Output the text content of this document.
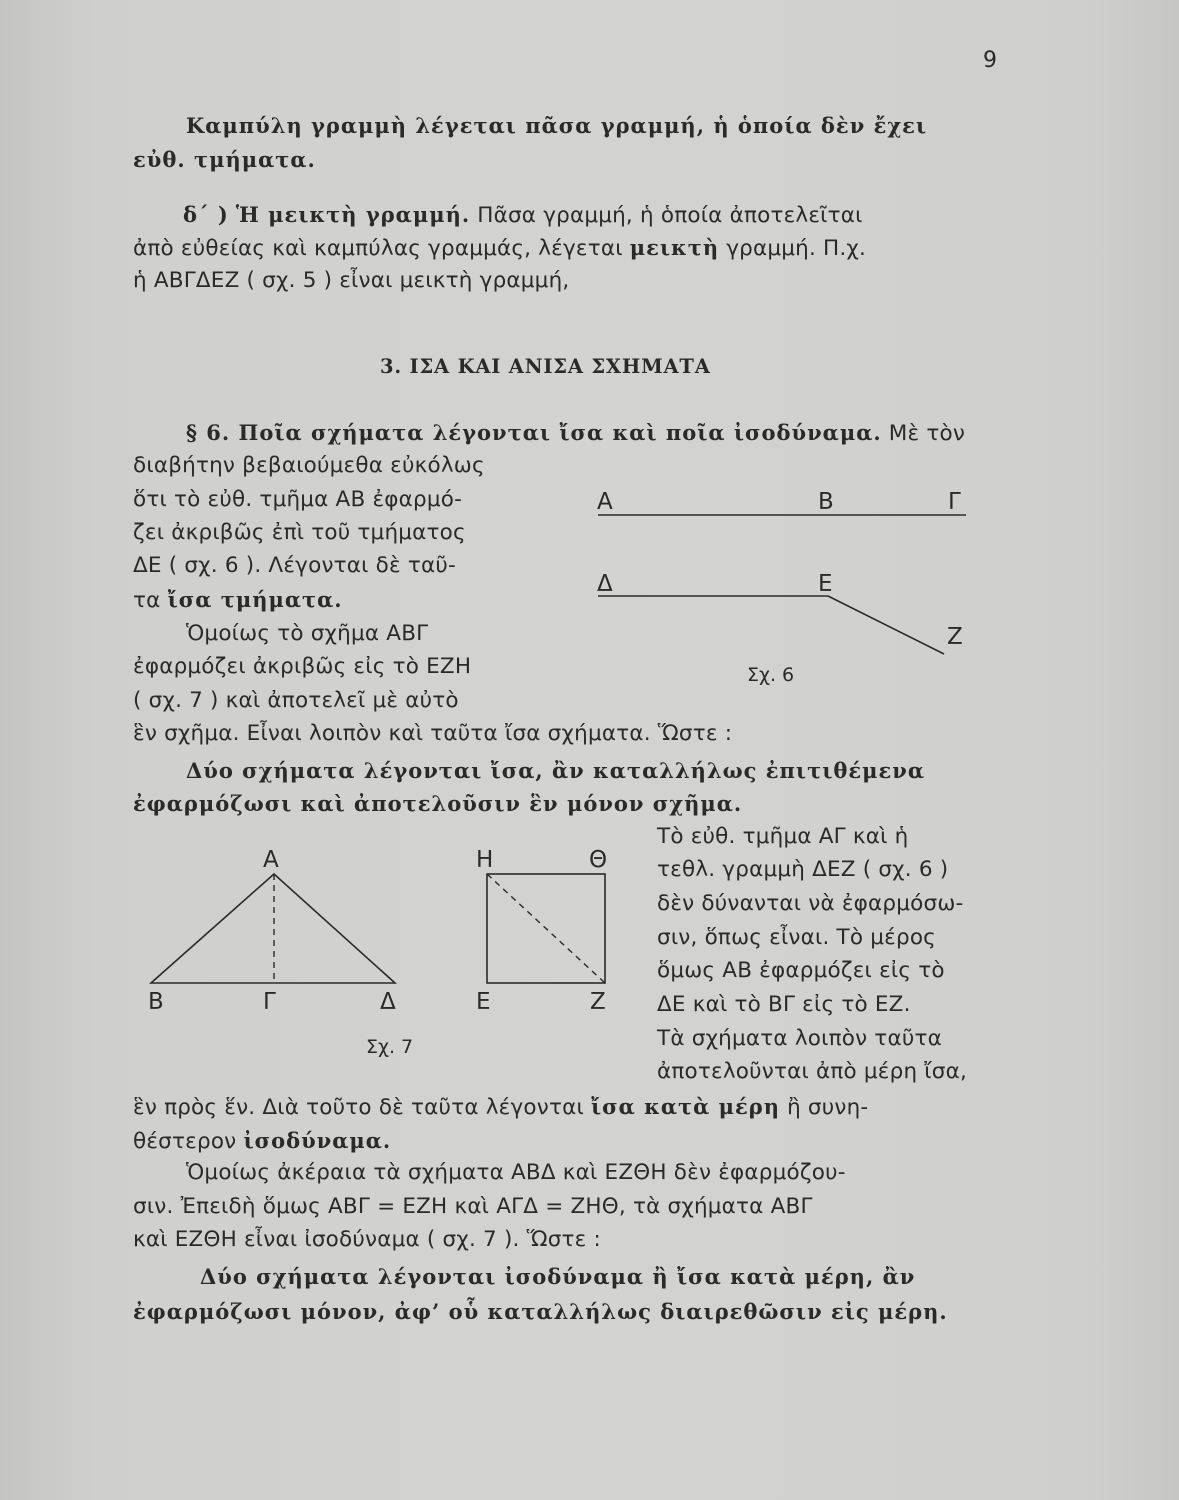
9
Καμπύλη γραμμὴ λέγεται πᾶσα γραμμή, ἡ ὁποία δὲν ἔχει
εὐθ. τμήματα.
δ΄ ) Ἡ μεικτὴ γραμμή. Πᾶσα γραμμή, ἡ ὁποία ἀποτελεῖται
ἀπὸ εὐθείας καὶ καμπύλας γραμμάς, λέγεται μεικτὴ γραμμή. Π.χ.
ἡ ΑΒΓΔΕΖ ( σχ. 5 ) εἶναι μεικτὴ γραμμή,
3. ΙΣΑ ΚΑΙ ΑΝΙΣΑ ΣΧΗΜΑΤΑ
§ 6. Ποῖα σχήματα λέγονται ἴσα καὶ ποῖα ἰσοδύναμα. Μὲ τὸν
διαβήτην βεβαιούμεθα εὐκόλως
ὅτι τὸ εὐθ. τμῆμα ΑΒ ἐφαρμό-
ζει ἀκριβῶς ἐπὶ τοῦ τμήματος
ΔΕ ( σχ. 6 ). Λέγονται δὲ ταῦ-
τα ἴσα τμήματα.
Ὁμοίως τὸ σχῆμα ΑΒΓ
ἐφαρμόζει ἀκριβῶς εἰς τὸ ΕΖΗ
( σχ. 7 ) καὶ ἀποτελεῖ μὲ αὐτὸ
ἓν σχῆμα. Εἶναι λοιπὸν καὶ ταῦτα ἴσα σχήματα. Ὥστε :
Δύο σχήματα λέγονται ἴσα, ἂν καταλλήλως ἐπιτιθέμενα
ἐφαρμόζωσι καὶ ἀποτελοῦσιν ἓν μόνον σχῆμα.
Τὸ εὐθ. τμῆμα ΑΓ καὶ ἡ
τεθλ. γραμμὴ ΔΕΖ ( σχ. 6 )
δὲν δύνανται νὰ ἐφαρμόσω-
σιν, ὅπως εἶναι. Τὸ μέρος
ὅμως ΑΒ ἐφαρμόζει εἰς τὸ
ΔΕ καὶ τὸ ΒΓ εἰς τὸ ΕΖ.
Τὰ σχήματα λοιπὸν ταῦτα
ἀποτελοῦνται ἀπὸ μέρη ἴσα,
ἓν πρὸς ἕν. Διὰ τοῦτο δὲ ταῦτα λέγονται ἴσα κατὰ μέρη ἢ συνη-
θέστερον ἰσοδύναμα.
Ὁμοίως ἀκέραια τὰ σχήματα ΑΒΔ καὶ ΕΖΘΗ δὲν ἐφαρμόζου-
σιν. Ἐπειδὴ ὅμως ΑΒΓ = ΕΖΗ καὶ ΑΓΔ = ΖΗΘ, τὰ σχήματα ΑΒΓ
καὶ ΕΖΘΗ εἶναι ἰσοδύναμα ( σχ. 7 ). Ὥστε :
Δύο σχήματα λέγονται ἰσοδύναμα ἢ ἴσα κατὰ μέρη, ἂν
ἐφαρμόζωσι μόνον, ἀφ’ οὗ καταλλήλως διαιρεθῶσιν εἰς μέρη.
Α	Β	Γ
Δ	Ε
Ζ
Σχ. 6
Α
Β	Γ	Δ
Η	Θ
Ε	Ζ
Σχ. 7
